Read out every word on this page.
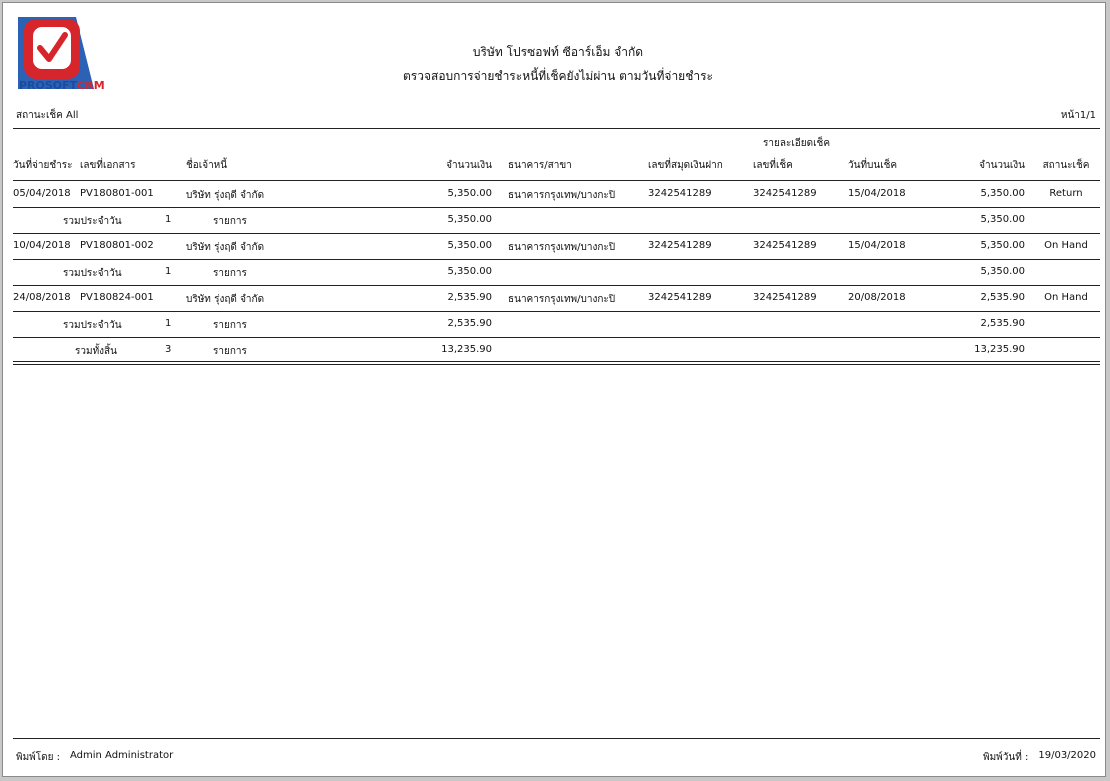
PROSOFTCRM
บริษัท โปรซอฟท์ ซีอาร์เอ็ม จำกัด
ตรวจสอบการจ่ายชำระหนี้ที่เช็คยังไม่ผ่าน ตามวันที่จ่ายชำระ
สถานะเช็ค All	หน้า1/1
รายละเอียดเช็ค
วันที่จ่ายชำระ เลขที่เอกสาร	ชื่อเจ้าหนี้	จำนวนเงิน ธนาคาร/สาขา	เลขที่สมุดเงินฝาก	เลขที่เช็ค	วันที่บนเช็ค	จำนวนเงิน	สถานะเช็ค
05/04/2018 PV180801-001	บริษัท รุ่งฤดี จำกัด	5,350.00 ธนาคารกรุงเทพ/บางกะปิ	3242541289	3242541289	15/04/2018	5,350.00	Return
รวมประจำวัน	1	รายการ	5,350.00	5,350.00
10/04/2018 PV180801-002	บริษัท รุ่งฤดี จำกัด	5,350.00 ธนาคารกรุงเทพ/บางกะปิ	3242541289	3242541289	15/04/2018	5,350.00	On Hand
รวมประจำวัน	1	รายการ	5,350.00	5,350.00
24/08/2018 PV180824-001	บริษัท รุ่งฤดี จำกัด	2,535.90 ธนาคารกรุงเทพ/บางกะปิ	3242541289	3242541289	20/08/2018	2,535.90	On Hand
รวมประจำวัน	1	รายการ	2,535.90	2,535.90
รวมทั้งสิ้น	3	รายการ	13,235.90	13,235.90
พิมพ์โดย : Admin Administrator	พิมพ์วันที่ : 19/03/2020
